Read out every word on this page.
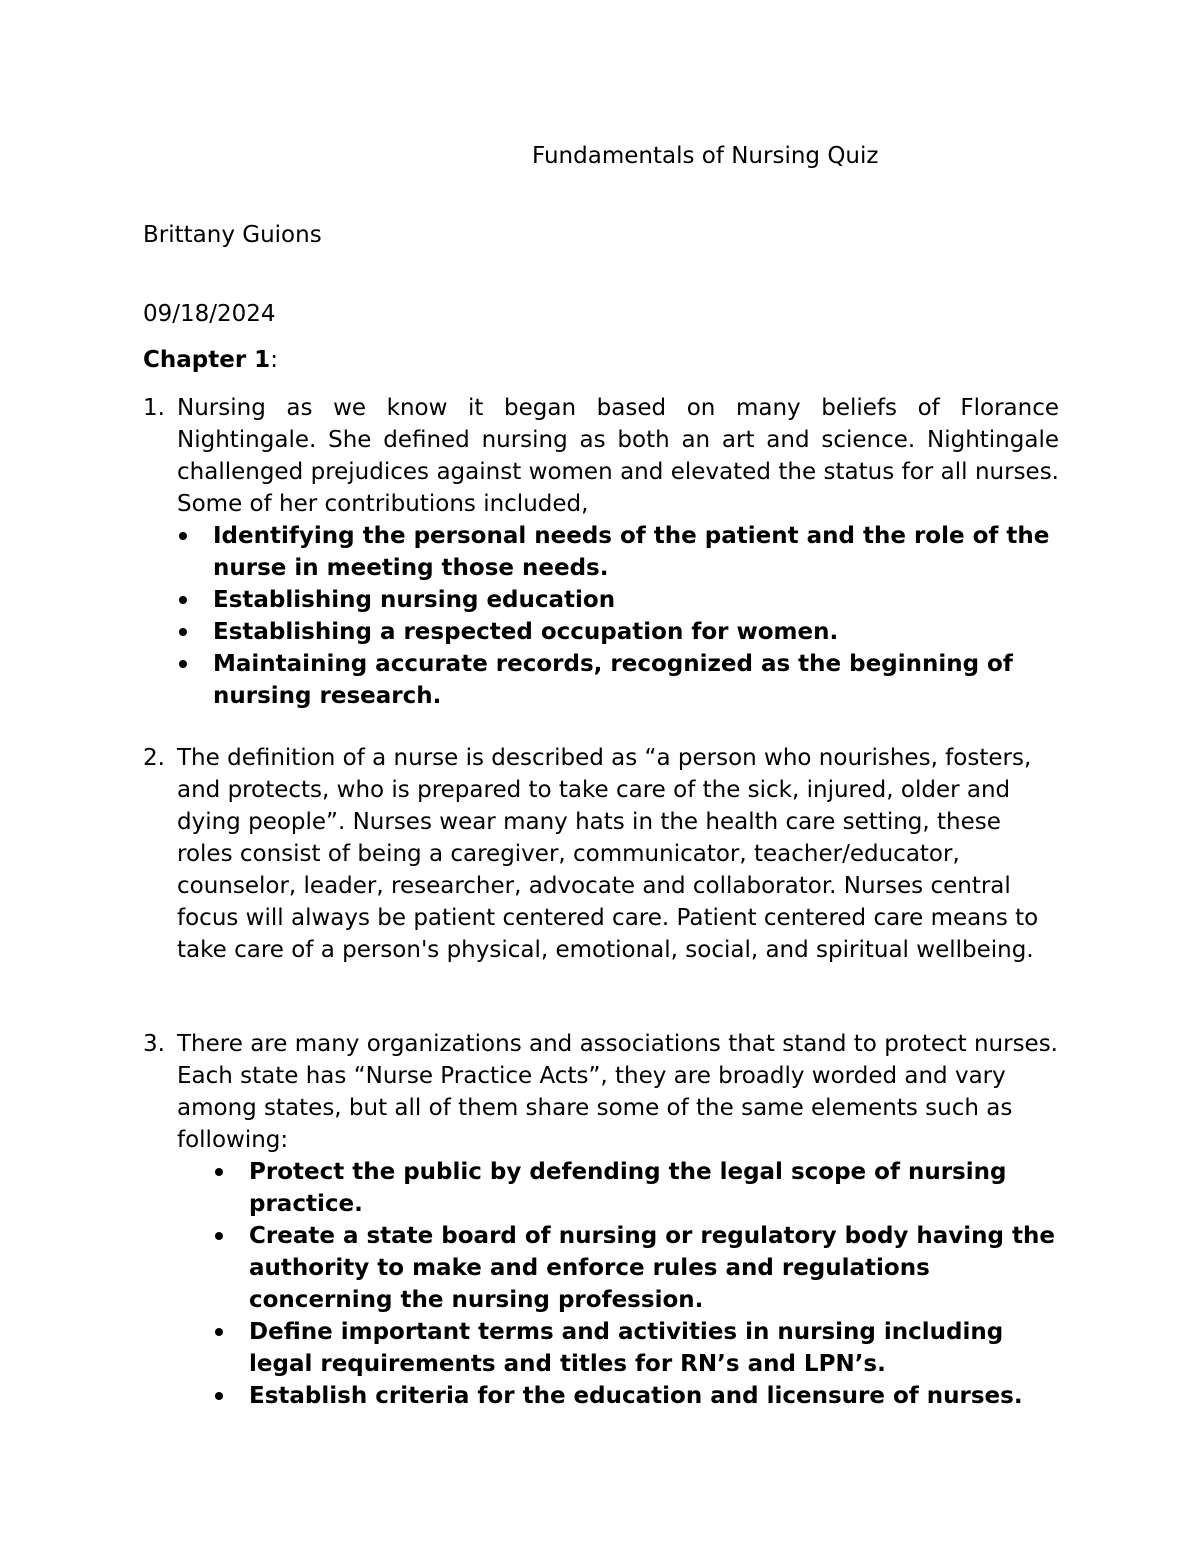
Fundamentals of Nursing Quiz
Brittany Guions
09/18/2024
Chapter 1:
1. Nursing as we know it began based on many beliefs of Florance Nightingale. She defined nursing as both an art and science. Nightingale challenged prejudices against women and elevated the status for all nurses. Some of her contributions included,

Identifying the personal needs of the patient and the role of the nurse in meeting those needs.
Establishing nursing education
Establishing a respected occupation for women.
Maintaining accurate records, recognized as the beginning of nursing research.
2. The definition of a nurse is described as “a person who nourishes, fosters, and protects, who is prepared to take care of the sick, injured, older and dying people”. Nurses wear many hats in the health care setting, these roles consist of being a caregiver, communicator, teacher/educator, counselor, leader, researcher, advocate and collaborator. Nurses central focus will always be patient centered care. Patient centered care means to take care of a person's physical, emotional, social, and spiritual wellbeing.

3. There are many organizations and associations that stand to protect nurses. Each state has “Nurse Practice Acts”, they are broadly worded and vary among states, but all of them share some of the same elements such as following:

Protect the public by defending the legal scope of nursing practice.
Create a state board of nursing or regulatory body having the authority to make and enforce rules and regulations concerning the nursing profession.
Define important terms and activities in nursing including legal requirements and titles for RN’s and LPN’s.
Establish criteria for the education and licensure of nurses.
